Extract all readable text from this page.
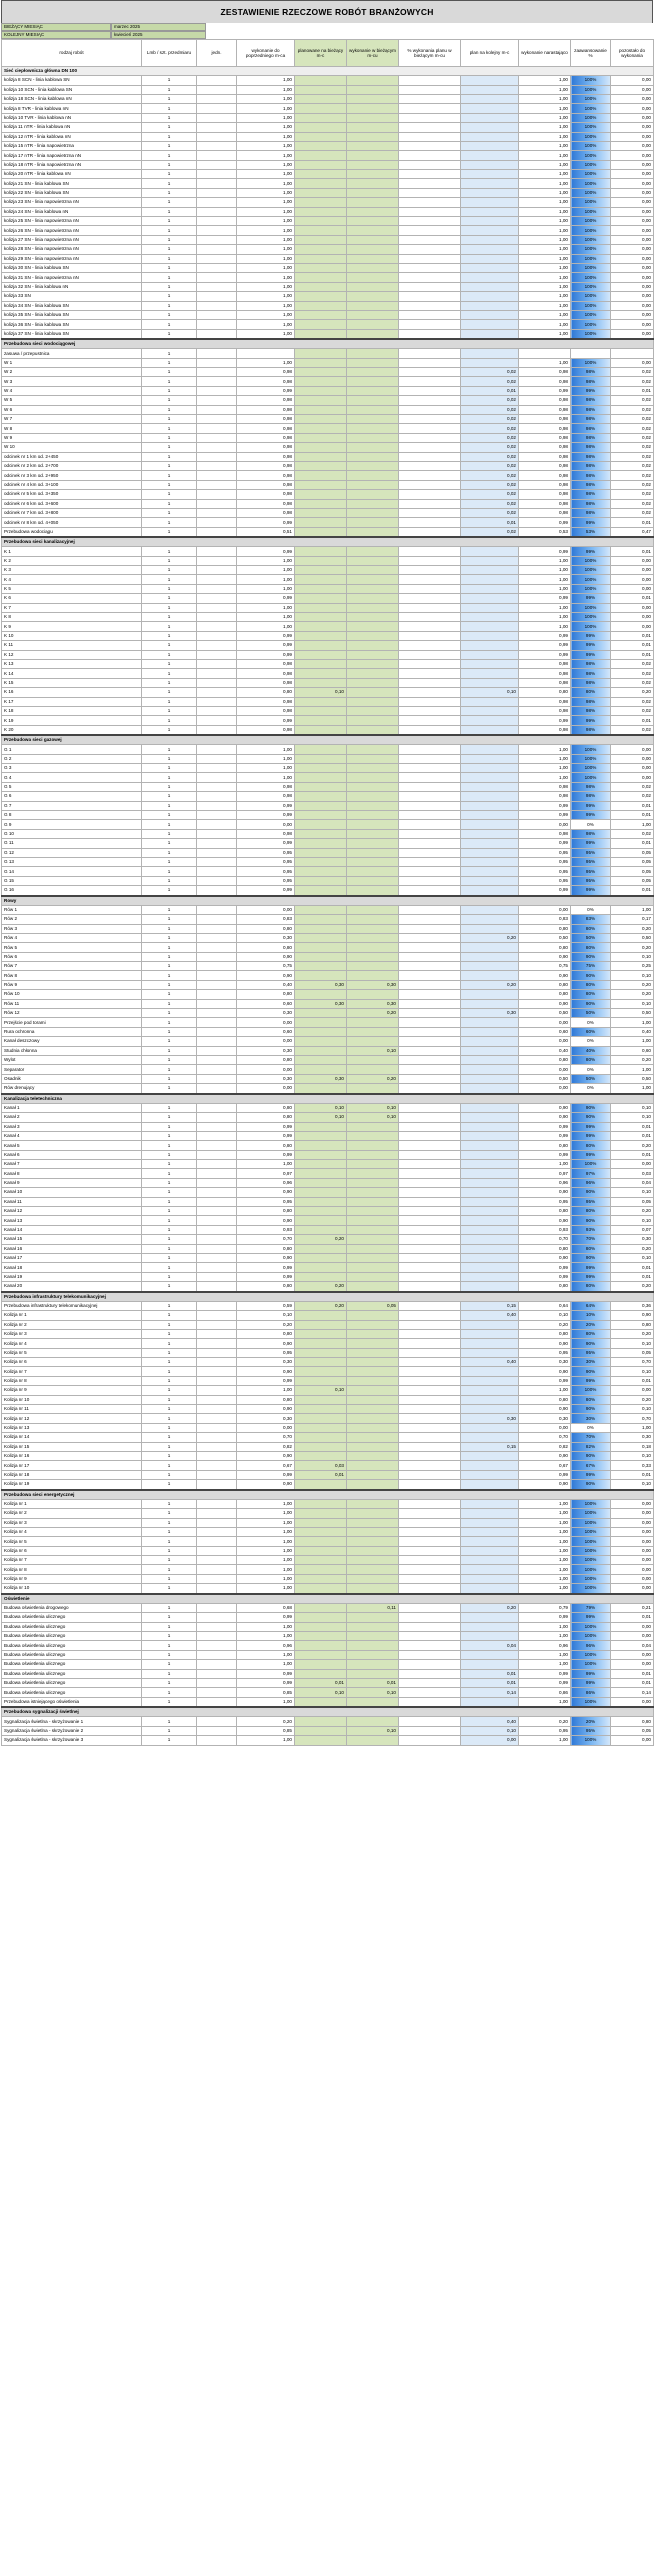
ZESTAWIENIE RZECZOWE ROBÓT BRANŻOWYCH
BIEŻĄCY MIESIĄC	marzec 2025
KOLEJNY MIESIĄC	kwiecień 2025
rodzaj robót	Lmb / szt. przedmiaru	jedn.	wykonanie do poprzedniego m-ca	planowane na bieżący m-c	wykonanie w bieżącym m-cu	% wykonania planu w bieżącym m-cu	plan na kolejny m-c	wykonanie narastająco	zaawansowanie %	pozostało do wykonania
Sieć ciepłownicza główna DN 100										
kolizja 8 SCN - linia kablowa SN	1		1,00					1,00	100%	0,00
kolizja 10 SCN - linia kablowa SN	1		1,00					1,00	100%	0,00
kolizja 18 SCN - linia kablowa nN	1		1,00					1,00	100%	0,00
kolizja 8 TVR - linia kablowa nN	1		1,00					1,00	100%	0,00
kolizja 10 TVR - linia kablowa nN	1		1,00					1,00	100%	0,00
kolizja 11 nTR - linia kablowa nN	1		1,00					1,00	100%	0,00
kolizja 12 nTR - linia kablowa nN	1		1,00					1,00	100%	0,00
kolizja 15 nTR - linia napowietrzna	1		1,00					1,00	100%	0,00
kolizja 17 nTR - linia napowietrzna nN	1		1,00					1,00	100%	0,00
kolizja 18 nTR - linia napowietrzna nN	1		1,00					1,00	100%	0,00
kolizja 20 nTR - linia kablowa nN	1		1,00					1,00	100%	0,00
kolizja 21 SN - linia kablowa SN	1		1,00					1,00	100%	0,00
kolizja 22 SN - linia kablowa SN	1		1,00					1,00	100%	0,00
kolizja 23 SN - linia napowietrzna nN	1		1,00					1,00	100%	0,00
kolizja 24 SN - linia kablowa nN	1		1,00					1,00	100%	0,00
kolizja 25 SN - linia napowietrzna nN	1		1,00					1,00	100%	0,00
kolizja 26 SN - linia napowietrzna nN	1		1,00					1,00	100%	0,00
kolizja 27 SN - linia napowietrzna nN	1		1,00					1,00	100%	0,00
kolizja 28 SN - linia napowietrzna nN	1		1,00					1,00	100%	0,00
kolizja 29 SN - linia napowietrzna nN	1		1,00					1,00	100%	0,00
kolizja 30 SN - linia kablowa SN	1		1,00					1,00	100%	0,00
kolizja 31 SN - linia napowietrzna nN	1		1,00					1,00	100%	0,00
kolizja 32 SN - linia kablowa nN	1		1,00					1,00	100%	0,00
kolizja 33 SN	1		1,00					1,00	100%	0,00
kolizja 34 SN - linia kablowa SN	1		1,00					1,00	100%	0,00
kolizja 35 SN - linia kablowa SN	1		1,00					1,00	100%	0,00
kolizja 36 SN - linia kablowa SN	1		1,00					1,00	100%	0,00
kolizja 37 SN - linia kablowa SN	1		1,00					1,00	100%	0,00
Przebudowa sieci wodociągowej										
zasuwa / przepustnica	1									
W 1	1		1,00					1,00	100%	0,00
W 2	1		0,98				0,02	0,98	98%	0,02
W 3	1		0,98				0,02	0,98	98%	0,02
W 4	1		0,99				0,01	0,99	99%	0,01
W 5	1		0,98				0,02	0,98	98%	0,02
W 6	1		0,98				0,02	0,98	98%	0,02
W 7	1		0,98				0,02	0,98	98%	0,02
W 8	1		0,98				0,02	0,98	98%	0,02
W 9	1		0,98				0,02	0,98	98%	0,02
W 10	1		0,98				0,02	0,98	98%	0,02
odcinek nr 1 km od. 2+450	1		0,98				0,02	0,98	98%	0,02
odcinek nr 2 km od. 2+700	1		0,98				0,02	0,98	98%	0,02
odcinek nr 3 km od. 2+950	1		0,98				0,02	0,98	98%	0,02
odcinek nr 4 km od. 3+100	1		0,98				0,02	0,98	98%	0,02
odcinek nr 5 km od. 3+350	1		0,98				0,02	0,98	98%	0,02
odcinek nr 6 km od. 3+600	1		0,98				0,02	0,98	98%	0,02
odcinek nr 7 km od. 3+800	1		0,98				0,02	0,98	98%	0,02
odcinek nr 8 km od. 4+050	1		0,99				0,01	0,99	99%	0,01
Przebudowa wodociągu	1		0,51				0,02	0,53	53%	0,47
Przebudowa sieci kanalizacyjnej										
K 1	1		0,99					0,99	99%	0,01
K 2	1		1,00					1,00	100%	0,00
K 3	1		1,00					1,00	100%	0,00
K 4	1		1,00					1,00	100%	0,00
K 5	1		1,00					1,00	100%	0,00
K 6	1		0,99					0,99	99%	0,01
K 7	1		1,00					1,00	100%	0,00
K 8	1		1,00					1,00	100%	0,00
K 9	1		1,00					1,00	100%	0,00
K 10	1		0,99					0,99	99%	0,01
K 11	1		0,99					0,99	99%	0,01
K 12	1		0,99					0,99	99%	0,01
K 13	1		0,98					0,98	98%	0,02
K 14	1		0,98					0,98	98%	0,02
K 15	1		0,98					0,98	98%	0,02
K 16	1		0,80	0,10			0,10	0,80	80%	0,20
K 17	1		0,98					0,98	98%	0,02
K 18	1		0,98					0,98	98%	0,02
K 19	1		0,99					0,99	99%	0,01
K 20	1		0,98					0,98	98%	0,02
Przebudowa sieci gazowej										
G 1	1		1,00					1,00	100%	0,00
G 2	1		1,00					1,00	100%	0,00
G 3	1		1,00					1,00	100%	0,00
G 4	1		1,00					1,00	100%	0,00
G 5	1		0,98					0,98	98%	0,02
G 6	1		0,98					0,98	98%	0,02
G 7	1		0,99					0,99	99%	0,01
G 8	1		0,99					0,99	99%	0,01
G 9	1		0,00					0,00	0%	1,00
G 10	1		0,98					0,98	98%	0,02
G 11	1		0,99					0,99	99%	0,01
G 12	1		0,95					0,95	95%	0,05
G 13	1		0,95					0,95	95%	0,05
G 14	1		0,95					0,95	95%	0,05
G 15	1		0,95					0,95	95%	0,05
G 16	1		0,99					0,99	99%	0,01
Rowy										
Rów 1	1		0,00					0,00	0%	1,00
Rów 2	1		0,83					0,83	83%	0,17
Rów 3	1		0,80					0,80	80%	0,20
Rów 4	1		0,30				0,20	0,50	50%	0,50
Rów 5	1		0,80					0,80	80%	0,20
Rów 6	1		0,90					0,90	90%	0,10
Rów 7	1		0,75					0,75	75%	0,25
Rów 8	1		0,90					0,90	90%	0,10
Rów 9	1		0,40	0,30	0,30		0,20	0,80	80%	0,20
Rów 10	1		0,80					0,80	80%	0,20
Rów 11	1		0,60	0,30	0,30			0,90	90%	0,10
Rów 12	1		0,30		0,20		0,30	0,50	50%	0,50
Przejście pod torami	1		0,00					0,00	0%	1,00
Rura ochronna	1		0,60					0,60	60%	0,40
Kanał deszczowy	1		0,00					0,00	0%	1,00
Studnia chłonna	1		0,30		0,10			0,40	40%	0,60
Wylot	1		0,80					0,80	80%	0,20
Separator	1		0,00					0,00	0%	1,00
Osadnik	1		0,30	0,30	0,20			0,50	50%	0,50
Rów drenujący	1		0,00					0,00	0%	1,00
Kanalizacja teletechniczna										
Kanał 1	1		0,80	0,10	0,10			0,90	90%	0,10
Kanał 2	1		0,80	0,10	0,10			0,90	90%	0,10
Kanał 3	1		0,99					0,99	99%	0,01
Kanał 4	1		0,99					0,99	99%	0,01
Kanał 5	1		0,80					0,80	80%	0,20
Kanał 6	1		0,99					0,99	99%	0,01
Kanał 7	1		1,00					1,00	100%	0,00
Kanał 8	1		0,97					0,97	97%	0,03
Kanał 9	1		0,96					0,96	96%	0,04
Kanał 10	1		0,90					0,90	90%	0,10
Kanał 11	1		0,95					0,95	95%	0,05
Kanał 12	1		0,80					0,80	80%	0,20
Kanał 13	1		0,90					0,90	90%	0,10
Kanał 14	1		0,93					0,93	93%	0,07
Kanał 15	1		0,70	0,20				0,70	70%	0,30
Kanał 16	1		0,80					0,80	80%	0,20
Kanał 17	1		0,90					0,90	90%	0,10
Kanał 18	1		0,99					0,99	99%	0,01
Kanał 19	1		0,99					0,99	99%	0,01
Kanał 20	1		0,80	0,20				0,80	80%	0,20
Przebudowa infrastruktury telekomunikacyjnej										
Przebudowa infrastruktury telekomunikacyjnej	1		0,59	0,20	0,05		0,15	0,64	64%	0,36
Kolizja nr 1	1		0,10				0,40	0,10	10%	0,90
Kolizja nr 2	1		0,20					0,20	20%	0,80
Kolizja nr 3	1		0,80					0,80	80%	0,20
Kolizja nr 4	1		0,90					0,90	90%	0,10
Kolizja nr 5	1		0,95					0,95	95%	0,05
Kolizja nr 6	1		0,30				0,40	0,30	30%	0,70
Kolizja nr 7	1		0,90					0,90	90%	0,10
Kolizja nr 8	1		0,99					0,99	99%	0,01
Kolizja nr 9	1		1,00	0,10				1,00	100%	0,00
Kolizja nr 10	1		0,80					0,80	80%	0,20
Kolizja nr 11	1		0,90					0,90	90%	0,10
Kolizja nr 12	1		0,30				0,30	0,30	30%	0,70
Kolizja nr 13	1		0,00					0,00	0%	1,00
Kolizja nr 14	1		0,70					0,70	70%	0,30
Kolizja nr 15	1		0,82				0,15	0,82	82%	0,18
Kolizja nr 16	1		0,90					0,90	90%	0,10
Kolizja nr 17	1		0,67	0,03				0,67	67%	0,33
Kolizja nr 18	1		0,99	0,01				0,99	99%	0,01
Kolizja nr 19	1		0,90					0,90	90%	0,10
Przebudowa sieci energetycznej										
Kolizja nr 1	1		1,00					1,00	100%	0,00
Kolizja nr 2	1		1,00					1,00	100%	0,00
Kolizja nr 3	1		1,00					1,00	100%	0,00
Kolizja nr 4	1		1,00					1,00	100%	0,00
Kolizja nr 5	1		1,00					1,00	100%	0,00
Kolizja nr 6	1		1,00					1,00	100%	0,00
Kolizja nr 7	1		1,00					1,00	100%	0,00
Kolizja nr 8	1		1,00					1,00	100%	0,00
Kolizja nr 9	1		1,00					1,00	100%	0,00
Kolizja nr 10	1		1,00					1,00	100%	0,00
Oświetlenie										
Budowa oświetlenia drogowego	1		0,68		0,11		0,20	0,79	79%	0,21
Budowa oświetlenia ulicznego	1		0,99					0,99	99%	0,01
Budowa oświetlenia ulicznego	1		1,00					1,00	100%	0,00
Budowa oświetlenia ulicznego	1		1,00					1,00	100%	0,00
Budowa oświetlenia ulicznego	1		0,96				0,04	0,96	96%	0,04
Budowa oświetlenia ulicznego	1		1,00					1,00	100%	0,00
Budowa oświetlenia ulicznego	1		1,00					1,00	100%	0,00
Budowa oświetlenia ulicznego	1		0,99				0,01	0,99	99%	0,01
Budowa oświetlenia ulicznego	1		0,99	0,01	0,01		0,01	0,99	99%	0,01
Budowa oświetlenia ulicznego	1		0,85	0,10	0,10		0,14	0,86	86%	0,14
Przebudowa istniejącego oświetlenia	1		1,00					1,00	100%	0,00
Przebudowa sygnalizacji świetlnej										
Sygnalizacja świetlna - skrzyżowanie 1	1		0,20				0,40	0,20	20%	0,80
Sygnalizacja świetlna - skrzyżowanie 2	1		0,85		0,10		0,10	0,95	95%	0,05
Sygnalizacja świetlna - skrzyżowanie 3	1		1,00				0,00	1,00	100%	0,00
